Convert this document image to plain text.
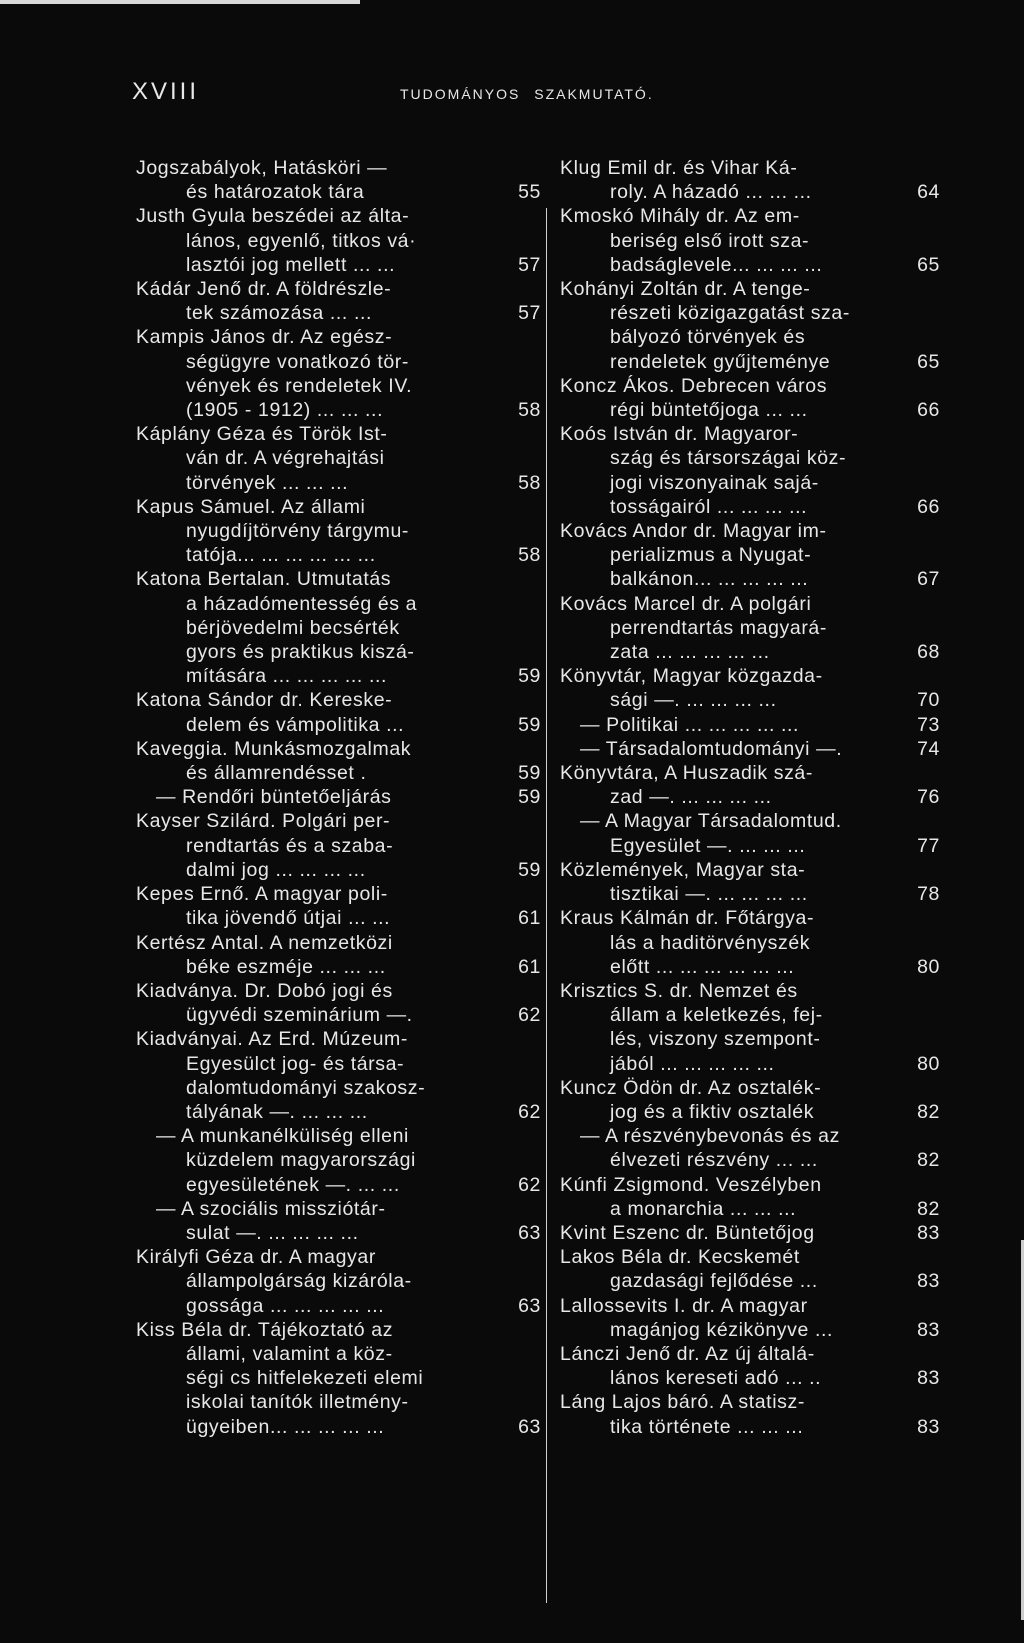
XVIII	TUDOMÁNYOS SZAKMUTATÓ.
Jogszabályok, Hatásköri —
és határozatok tára	55
Justh Gyula beszédei az álta-
lános, egyenlő, titkos vá·
lasztói jog mellett ... ...	57
Kádár Jenő dr. A földrészle-
tek számozása ... ...	57
Kampis János dr. Az egész-
ségügyre vonatkozó tör-
vények és rendeletek IV.
(1905 - 1912) ... ... ...	58
Káplány Géza és Török Ist-
ván dr. A végrehajtási
törvények ... ... ...	58
Kapus Sámuel. Az állami
nyugdíjtörvény tárgymu-
tatója... ... ... ... ... ...	58
Katona Bertalan. Utmutatás
a házadómentesség és a
bérjövedelmi becsérték
gyors és praktikus kiszá-
mítására ... ... ... ... ...	59
Katona Sándor dr. Kereske-
delem és vámpolitika ...	59
Kaveggia. Munkásmozgalmak
és államrendésset .	59
— Rendőri büntetőeljárás	59
Kayser Szilárd. Polgári per-
rendtartás és a szaba-
dalmi jog ... ... ... ...	59
Kepes Ernő. A magyar poli-
tika jövendő útjai ... ...	61
Kertész Antal. A nemzetközi
béke eszméje ... ... ...	61
Kiadványa. Dr. Dobó jogi és
ügyvédi szeminárium —.	62
Kiadványai. Az Erd. Múzeum-
Egyesülct jog- és társa-
dalomtudományi szakosz-
tályának —. ... ... ...	62
— A munkanélküliség elleni
küzdelem magyarországi
egyesületének —. ... ...	62
— A szociális missziótár-
sulat —. ... ... ... ...	63
Királyfi Géza dr. A magyar
állampolgárság kizárólа-
gossága ... ... ... ... ...	63
Kiss Béla dr. Tájékoztató az
állami, valamint a köz-
ségi cs hitfelekezeti elemi
iskolai tanítók illetmény-
ügyeiben... ... ... ... ...	63
Klug Emil dr. és Vihar Ká-
roly. A házadó ... ... ...	64
Kmoskó Mihály dr. Az em-
beriség első irott sza-
badságlevele... ... ... ...	65
Kohányi Zoltán dr. A tenge-
részeti közigazgatást sza-
bályozó törvények és
rendeletek gyűjteménye	65
Koncz Ákos. Debrecen város
régi büntetőjoga ... ...	66
Koós István dr. Magyaror-
szág és társországai köz-
jogi viszonyainak sajá-
tosságairól ... ... ... ...	66
Kovács Andor dr. Magyar im-
perializmus a Nyugat-
balkánon... ... ... ... ...	67
Kovács Marcel dr. A polgári
perrendtartás magyará-
zata ... ... ... ... ...	68
Könyvtár, Magyar közgazda-
sági —. ... ... ... ...	70
— Politikai ... ... ... ... ...	73
— Társadalomtudományi —.	74
Könyvtára, A Huszadik szá-
zad —. ... ... ... ...	76
— A Magyar Társadalomtud.
Egyesület —. ... ... ...	77
Közlemények, Magyar sta-
tisztikai —. ... ... ... ...	78
Kraus Kálmán dr. Főtárgya-
lás a haditörvényszék
előtt ... ... ... ... ... ...	80
Krisztics S. dr. Nemzet és
állam a keletkezés, fej-
lés, viszony szempont-
jából ... ... ... ... ...	80
Kuncz Ödön dr. Az osztalék-
jog és a fiktiv osztalék	82
— A részvénybevonás és az
élvezeti részvény ... ...	82
Kúnfi Zsigmond. Veszélyben
a monarchia ... ... ...	82
Kvint Eszenc dr. Büntetőjog	83
Lakos Béla dr. Kecskemét
gazdasági fejlődése ...	83
Lallossevits I. dr. A magyar
magánjog kézikönyve ...	83
Lánczi Jenő dr. Az új általá-
lános kereseti adó ... ..	83
Láng Lajos báró. A statisz-
tika története ... ... ...	83
